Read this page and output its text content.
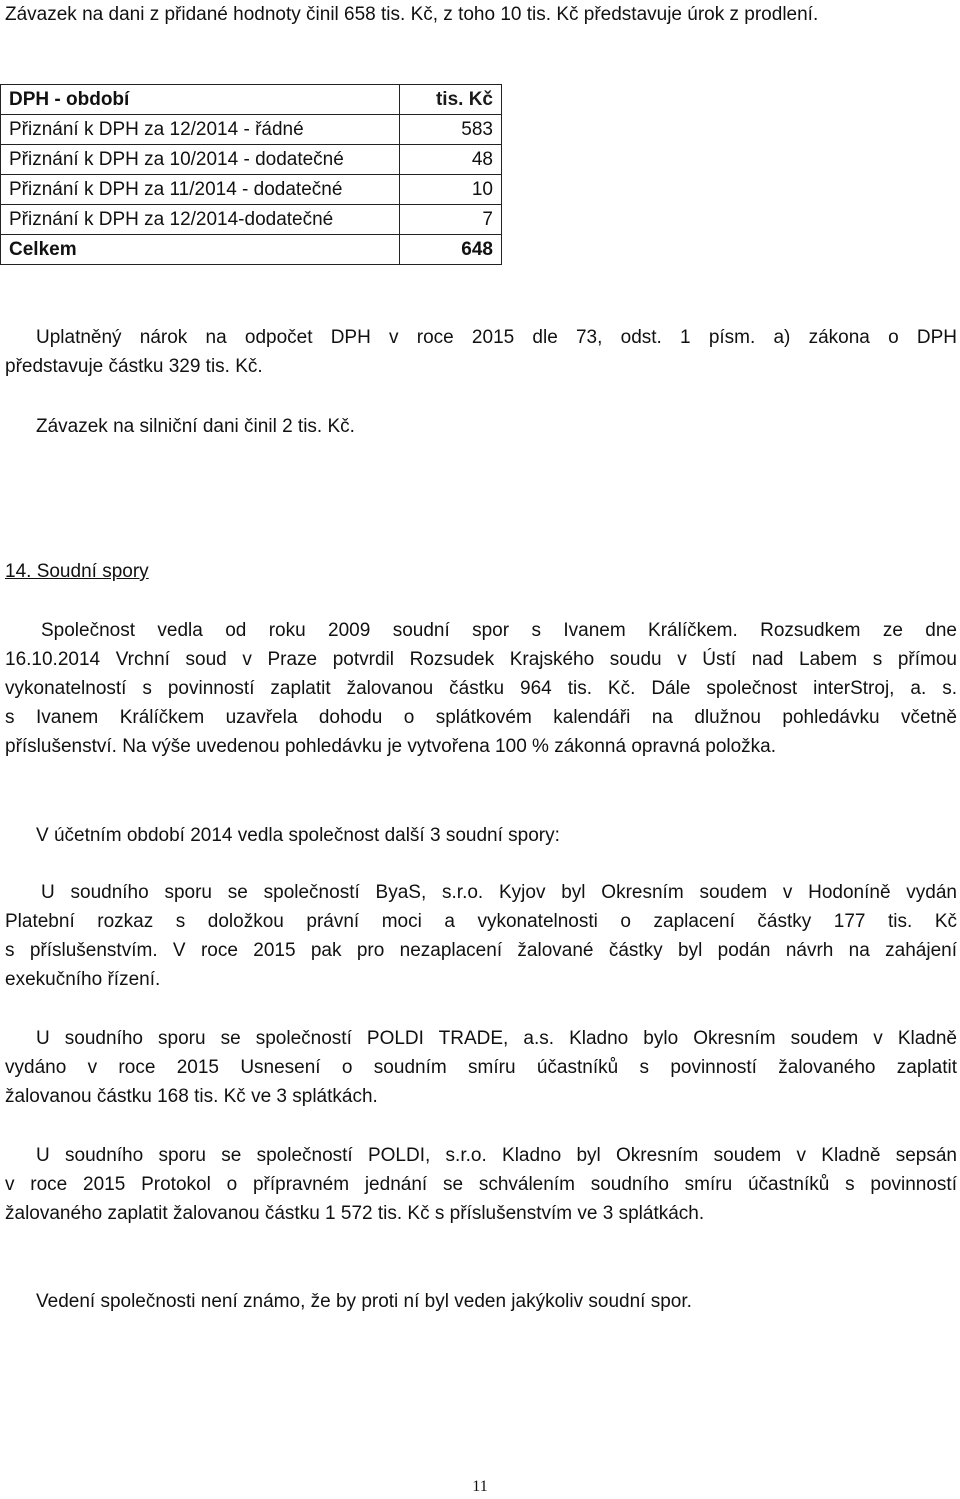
Závazek na dani z přidané hodnoty činil 658 tis. Kč, z toho 10 tis. Kč představuje úrok z prodlení.
DPH - období	tis. Kč
Přiznání k DPH za 12/2014 - řádné	583
Přiznání k DPH za 10/2014 - dodatečné	48
Přiznání k DPH za 11/2014 - dodatečné	10
Přiznání k DPH za 12/2014-dodatečné	7
Celkem	648
Uplatněný nárok na odpočet DPH v roce 2015 dle 73, odst. 1 písm. a) zákona o DPH
představuje částku 329 tis. Kč.
Závazek na silniční dani činil 2 tis. Kč.
14. Soudní spory
Společnost vedla od roku 2009 soudní spor s Ivanem Králíčkem. Rozsudkem ze dne
16.10.2014 Vrchní soud v Praze potvrdil Rozsudek Krajského soudu v Ústí nad Labem s přímou
vykonatelností s povinností zaplatit žalovanou částku 964 tis. Kč. Dále společnost interStroj, a. s.
s Ivanem Králíčkem uzavřela dohodu o splátkovém kalendáři na dlužnou pohledávku včetně
příslušenství. Na výše uvedenou pohledávku je vytvořena 100 % zákonná opravná položka.
V účetním období 2014 vedla společnost další 3 soudní spory:
U soudního sporu se společností ByaS, s.r.o. Kyjov byl Okresním soudem v Hodoníně vydán
Platební rozkaz s doložkou právní moci a vykonatelnosti o zaplacení částky 177 tis. Kč
s příslušenstvím. V roce 2015 pak pro nezaplacení žalované částky byl podán návrh na zahájení
exekučního řízení.
U soudního sporu se společností POLDI TRADE, a.s. Kladno bylo Okresním soudem v Kladně
vydáno v roce 2015 Usnesení o soudním smíru účastníků s povinností žalovaného zaplatit
žalovanou částku 168 tis. Kč ve 3 splátkách.
U soudního sporu se společností POLDI, s.r.o. Kladno byl Okresním soudem v Kladně sepsán
v roce 2015 Protokol o přípravném jednání se schválením soudního smíru účastníků s povinností
žalovaného zaplatit žalovanou částku 1 572 tis. Kč s příslušenstvím ve 3 splátkách.
Vedení společnosti není známo, že by proti ní byl veden jakýkoliv soudní spor.
11
